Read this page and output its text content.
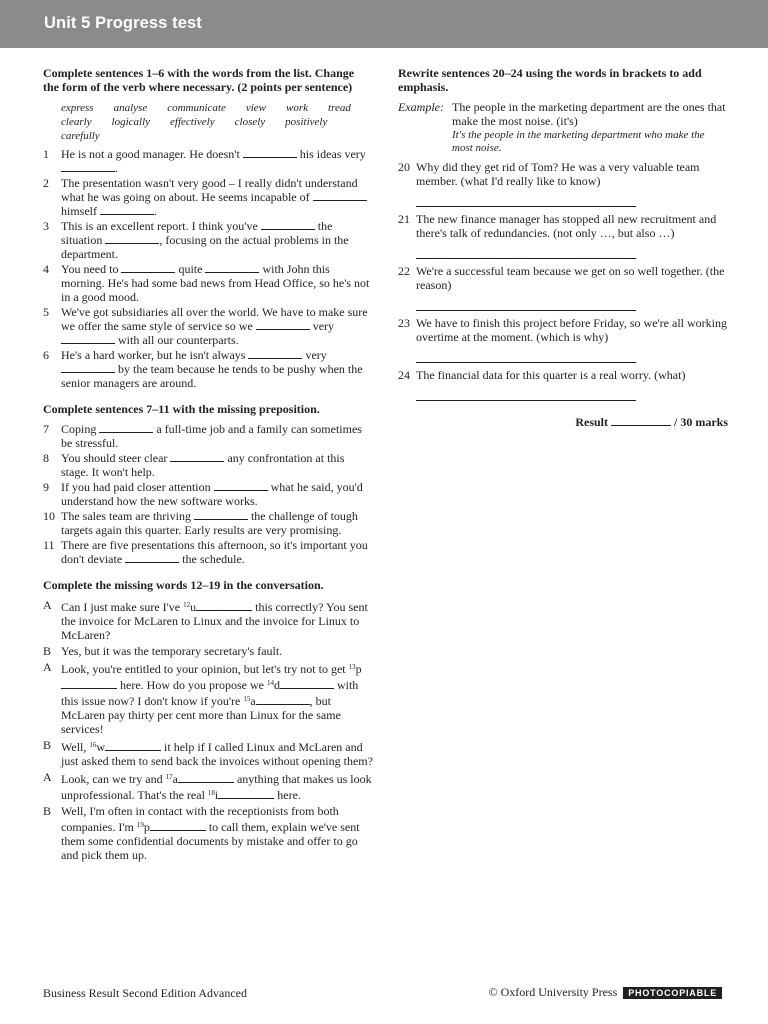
Unit 5 Progress test

Complete sentences 1–6 with the words from the list. Change the form of the verb where necessary. (2 points per sentence)

express analyse communicate view work tread
clearly logically effectively closely positively
carefully
1 He is not a good manager. He doesn't	his ideas very .
2 The presentation wasn't very good – I really didn't understand what he was going on about. He seems incapable of	himself	.
3 This is an excellent report. I think you've	the situation	, focusing on the actual problems in the department.
4 You need to	quite	with John this morning. He's had some bad news from Head Office, so he's not in a good mood.
5 We've got subsidiaries all over the world. We have to make sure we offer the same style of service so we	very  with all our counterparts.
6 He's a hard worker, but he isn't always	very  by the team because he tends to be pushy when the senior managers are around.

Complete sentences 7–11 with the missing preposition.

7 Coping	a full-time job and a family can sometimes be stressful.
8 You should steer clear	any confrontation at this stage. It won't help.
9 If you had paid closer attention	what he said, you'd understand how the new software works.
10 The sales team are thriving	the challenge of tough targets again this quarter. Early results are very promising.
11 There are five presentations this afternoon, so it's important you don't deviate	the schedule.

Complete the missing words 12–19 in the conversation.

A Can I just make sure I've $^{12}$u	this correctly? You sent the invoice for McLaren to Linux and the invoice for Linux to McLaren?
B Yes, but it was the temporary secretary's fault.
A Look, you're entitled to your opinion, but let's try not to get $^{13}$p here. How do you propose we $^{14}$d	with this issue now? I don't know if you're $^{15}$a	, but McLaren pay thirty per cent more than Linux for the same services!
B Well, $^{16}$w	it help if I called Linux and McLaren and just asked them to send back the invoices without opening them?
A Look, can we try and $^{17}$a	anything that makes us look unprofessional. That's the real $^{18}$i	here.
B Well, I'm often in contact with the receptionists from both companies. I'm $^{19}$p	to call them, explain we've sent them some confidential documents by mistake and offer to go and pick them up.

Rewrite sentences 20–24 using the words in brackets to add emphasis.

Example: The people in the marketing department are the ones that make the most noise. (it's)
It's the people in the marketing department who make the most noise.
20 Why did they get rid of Tom? He was a very valuable team member. (what I'd really like to know)
21 The new finance manager has stopped all new recruitment and there's talk of redundancies. (not only …, but also …)
22 We're a successful team because we get on so well together. (the reason)
23 We have to finish this project before Friday, so we're all working overtime at the moment. (which is why)
24 The financial data for this quarter is a real worry. (what)
Result	/ 30 marks
Business Result Second Edition Advanced	© Oxford University Press	PHOTOCOPIABLE
